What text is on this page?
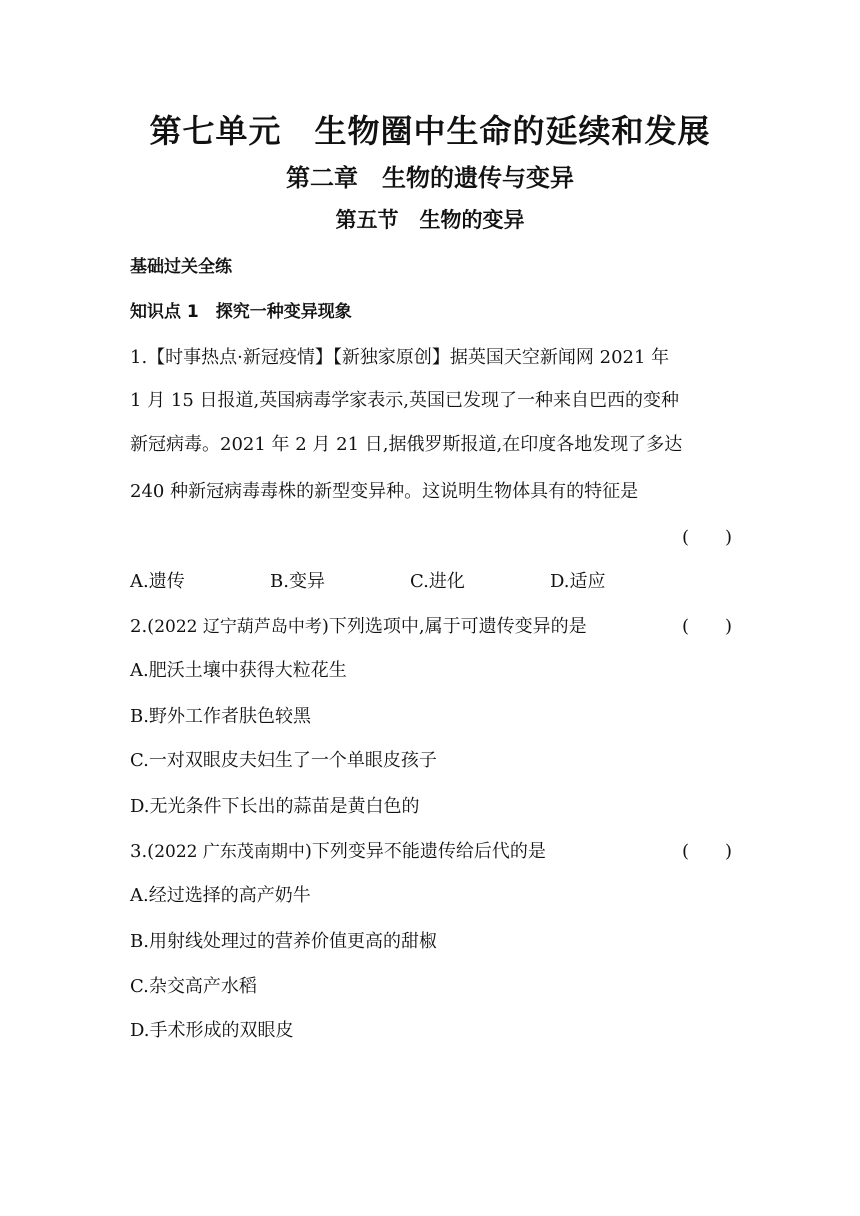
第七单元　生物圈中生命的延续和发展
第二章　生物的遗传与变异
第五节　生物的变异
基础过关全练
知识点 1　探究一种变异现象
1.【时事热点·新冠疫情】【新独家原创】据英国天空新闻网 2021 年
1 月 15 日报道,英国病毒学家表示,英国已发现了一种来自巴西的变种
新冠病毒。2021 年 2 月 21 日,据俄罗斯报道,在印度各地发现了多达
240 种新冠病毒毒株的新型变异种。这说明生物体具有的特征是
(　　)
A.遗传	B.变异	C.进化	D.适应
2.(2022 辽宁葫芦岛中考)下列选项中,属于可遗传变异的是	(　　)
A.肥沃土壤中获得大粒花生
B.野外工作者肤色较黑
C.一对双眼皮夫妇生了一个单眼皮孩子
D.无光条件下长出的蒜苗是黄白色的
3.(2022 广东茂南期中)下列变异不能遗传给后代的是	(　　)
A.经过选择的高产奶牛
B.用射线处理过的营养价值更高的甜椒
C.杂交高产水稻
D.手术形成的双眼皮
